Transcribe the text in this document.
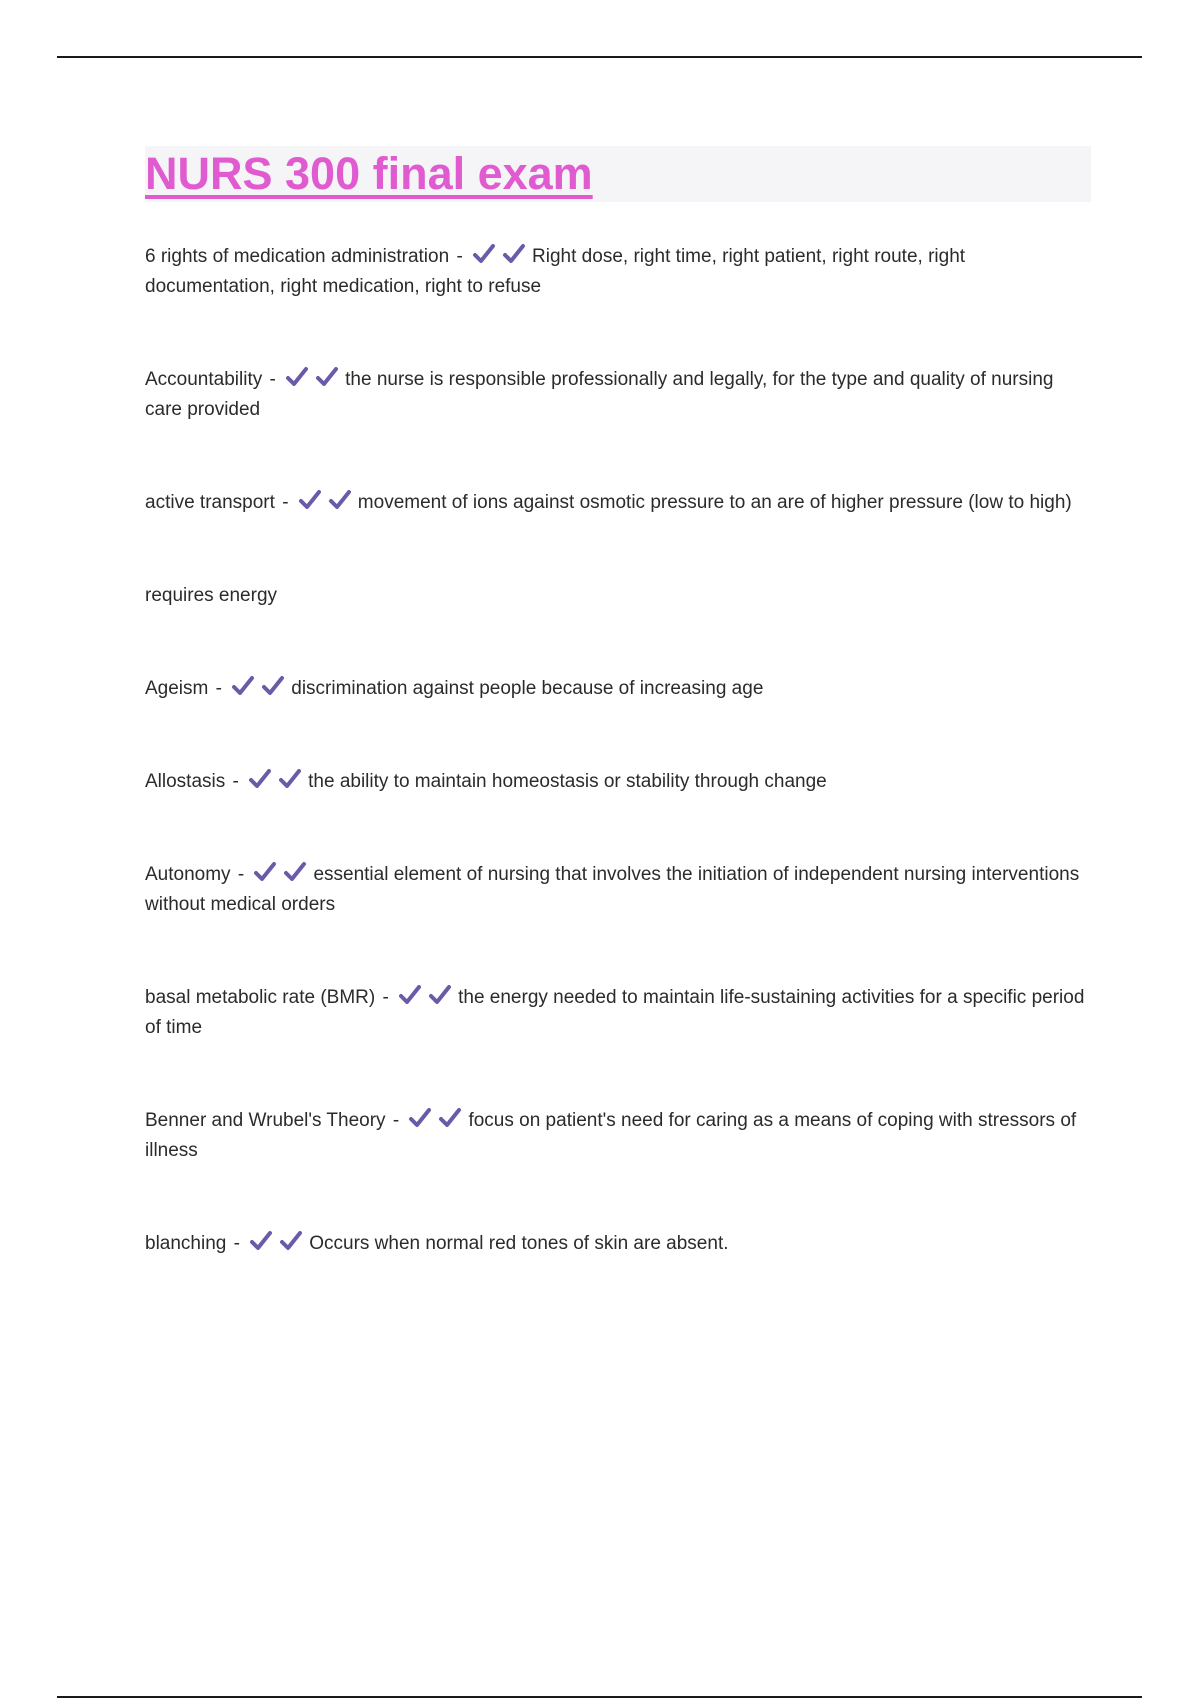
NURS 300 final exam
6 rights of medication administration -	Right dose, right time, right patient, right route, right documentation, right medication, right to refuse
Accountability -	the nurse is responsible professionally and legally, for the type and quality of nursing care provided
active transport -	movement of ions against osmotic pressure to an are of higher pressure (low to high)
requires energy
Ageism -	discrimination against people because of increasing age
Allostasis -	the ability to maintain homeostasis or stability through change
Autonomy -	essential element of nursing that involves the initiation of independent nursing interventions without medical orders
basal metabolic rate (BMR) -	the energy needed to maintain life-sustaining activities for a specific period of time
Benner and Wrubel's Theory -	focus on patient's need for caring as a means of coping with stressors of illness
blanching -	Occurs when normal red tones of skin are absent.
